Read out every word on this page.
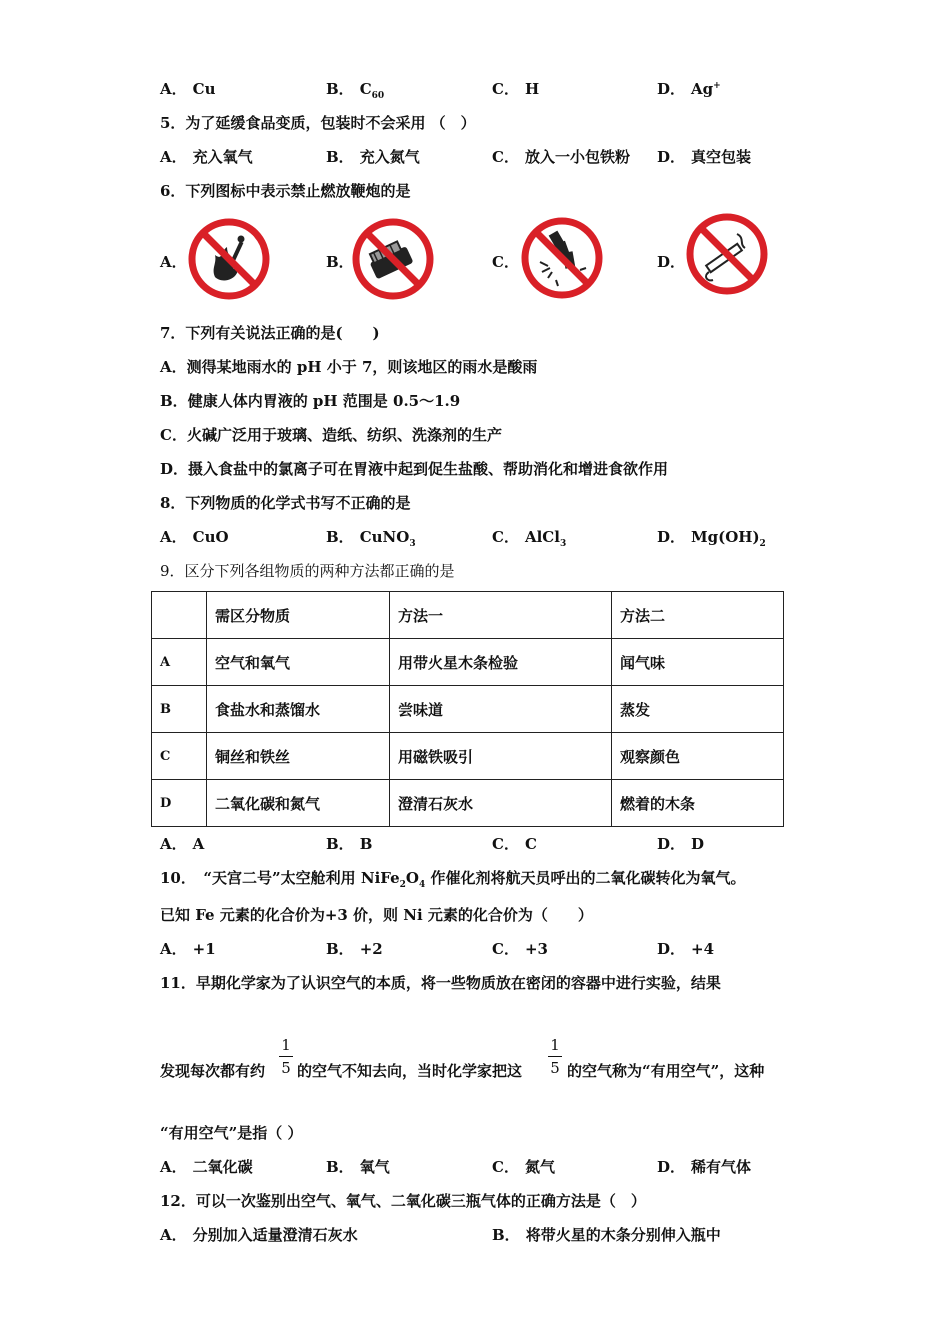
A． Cu	B． $C_{60}$	C． H	D． Ag+
5．为了延缓食品变质，包装时不会采用 （　）
A． 充入氧气	B． 充入氮气	C． 放入一小包铁粉 D． 真空包装
6．下列图标中表示禁止燃放鞭炮的是
A．	B．	C．	D．
7．下列有关说法正确的是(　　)
A．测得某地雨水的 pH 小于 7，则该地区的雨水是酸雨
B．健康人体内胃液的 pH 范围是 0.5～1.9
C．火碱广泛用于玻璃、造纸、纺织、洗涤剂的生产
D．摄入食盐中的氯离子可在胃液中起到促生盐酸、帮助消化和增进食欲作用
8．下列物质的化学式书写不正确的是
A． CuO	B． CuNO$_3$	C． AlCl$_3$	D． $Mg(OH)_2$
9．区分下列各组物质的两种方法都正确的是
	需区分物质	方法一	方法二
A	空气和氧气	用带火星木条检验	闻气味
B	食盐水和蒸馏水	尝味道	蒸发
C	铜丝和铁丝	用磁铁吸引	观察颜色
D	二氧化碳和氮气	澄清石灰水	燃着的木条
A． A	B． B	C． C	D． D
10．　“天宫二号”太空舱利用 $NiFe_2O_4$ 作催化剂将航天员呼出的二氧化碳转化为氧气。
已知 Fe 元素的化合价为+3 价，则 Ni 元素的化合价为（　　）
A． +1	B． +2	C． +3	D． +4
11．早期化学家为了认识空气的本质，将一些物质放在密闭的容器中进行实验，结果
发现每次都有约
1
5 的空气不知去向，当时化学家把这
1
5 的空气称为“有用空气”，这种
“有用空气”是指（ ）
A． 二氧化碳	B． 氧气	C． 氮气	D． 稀有气体
12．可以一次鉴别出空气、氧气、二氧化碳三瓶气体的正确方法是（　）
A． 分别加入适量澄清石灰水	B． 将带火星的木条分别伸入瓶中
